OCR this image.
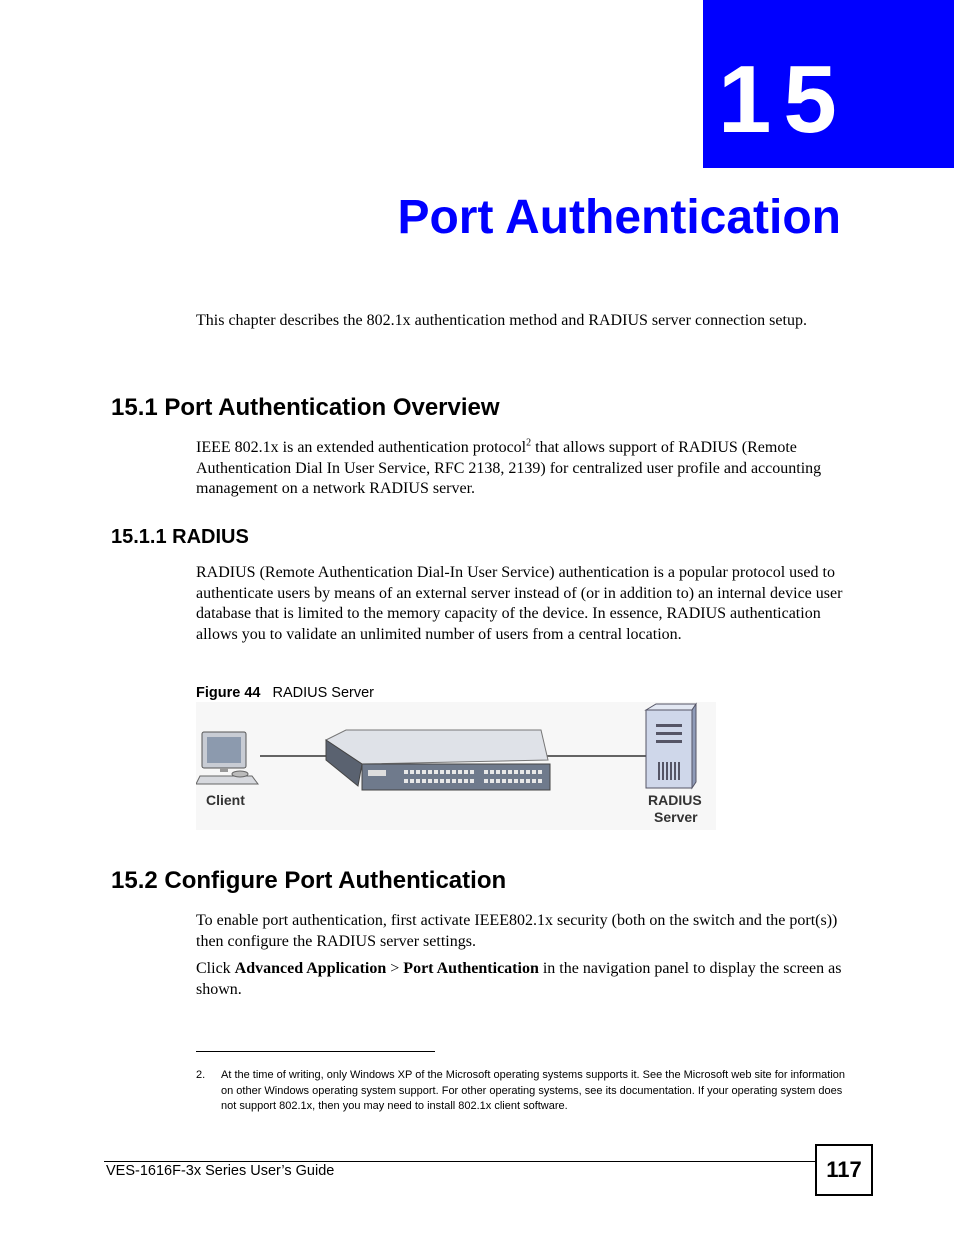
15
Port Authentication

This chapter describes the 802.1x authentication method and RADIUS server connection setup.

15.1 Port Authentication Overview

IEEE 802.1x is an extended authentication protocol$^2$ that allows support of RADIUS (Remote Authentication Dial In User Service, RFC 2138, 2139) for centralized user profile and accounting management on a network RADIUS server.

15.1.1 RADIUS

RADIUS (Remote Authentication Dial-In User Service) authentication is a popular protocol used to authenticate users by means of an external server instead of (or in addition to) an internal device user database that is limited to the memory capacity of the device. In essence, RADIUS authentication allows you to validate an unlimited number of users from a central location.

Figure 44 RADIUS Server
Client	RADIUS
Server
15.2 Configure Port Authentication

To enable port authentication, first activate IEEE802.1x security (both on the switch and the port(s)) then configure the RADIUS server settings.

Click Advanced Application > Port Authentication in the navigation panel to display the screen as shown.

2. At the time of writing, only Windows XP of the Microsoft operating systems supports it. See the Microsoft web site for information on other Windows operating system support. For other operating systems, see its documentation. If your operating system does not support 802.1x, then you may need to install 802.1x client software.
VES-1616F-3x Series User’s Guide	117
